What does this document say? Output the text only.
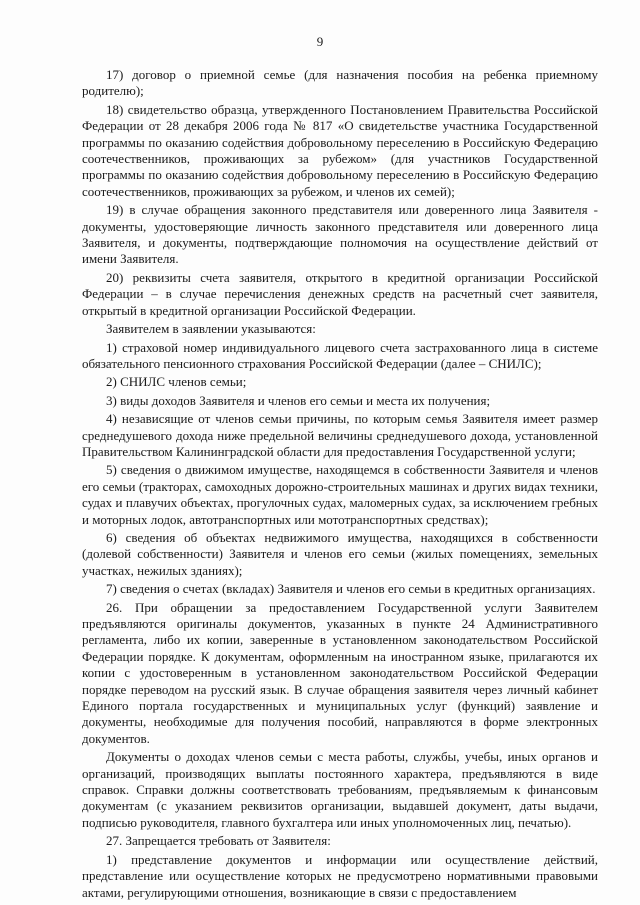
9

17) договор о приемной семье (для назначения пособия на ребенка приемному родителю);

18) свидетельство образца, утвержденного Постановлением Правительства Российской Федерации от 28 декабря 2006 года № 817 «О свидетельстве участника Государственной программы по оказанию содействия добровольному переселению в Российскую Федерацию соотечественников, проживающих за рубежом» (для участников Государственной программы по оказанию содействия добровольному переселению в Российскую Федерацию соотечественников, проживающих за рубежом, и членов их семей);

19) в случае обращения законного представителя или доверенного лица Заявителя - документы, удостоверяющие личность законного представителя или доверенного лица Заявителя, и документы, подтверждающие полномочия на осуществление действий от имени Заявителя.

20) реквизиты счета заявителя, открытого в кредитной организации Российской Федерации – в случае перечисления денежных средств на расчетный счет заявителя, открытый в кредитной организации Российской Федерации.

Заявителем в заявлении указываются:

1) страховой номер индивидуального лицевого счета застрахованного лица в системе обязательного пенсионного страхования Российской Федерации (далее – СНИЛС);

2) СНИЛС членов семьи;

3) виды доходов Заявителя и членов его семьи и места их получения;

4) независящие от членов семьи причины, по которым семья Заявителя имеет размер среднедушевого дохода ниже предельной величины среднедушевого дохода, установленной Правительством Калининградской области для предоставления Государственной услуги;

5) сведения о движимом имуществе, находящемся в собственности Заявителя и членов его семьи (тракторах, самоходных дорожно-строительных машинах и других видах техники, судах и плавучих объектах, прогулочных судах, маломерных судах, за исключением гребных и моторных лодок, автотранспортных или мототранспортных средствах);

6) сведения об объектах недвижимого имущества, находящихся в собственности (долевой собственности) Заявителя и членов его семьи (жилых помещениях, земельных участках, нежилых зданиях);

7) сведения о счетах (вкладах) Заявителя и членов его семьи в кредитных организациях.

26. При обращении за предоставлением Государственной услуги Заявителем предъявляются оригиналы документов, указанных в пункте 24 Административного регламента, либо их копии, заверенные в установленном законодательством Российской Федерации порядке. К документам, оформленным на иностранном языке, прилагаются их копии с удостоверенным в установленном законодательством Российской Федерации порядке переводом на русский язык. В случае обращения заявителя через личный кабинет Единого портала государственных и муниципальных услуг (функций) заявление и документы, необходимые для получения пособий, направляются в форме электронных документов.

Документы о доходах членов семьи с места работы, службы, учебы, иных органов и организаций, производящих выплаты постоянного характера, предъявляются в виде справок. Справки должны соответствовать требованиям, предъявляемым к финансовым документам (с указанием реквизитов организации, выдавшей документ, даты выдачи, подписью руководителя, главного бухгалтера или иных уполномоченных лиц, печатью).

27. Запрещается требовать от Заявителя:

1) представление документов и информации или осуществление действий, представление или осуществление которых не предусмотрено нормативными правовыми актами, регулирующими отношения, возникающие в связи с предоставлением
